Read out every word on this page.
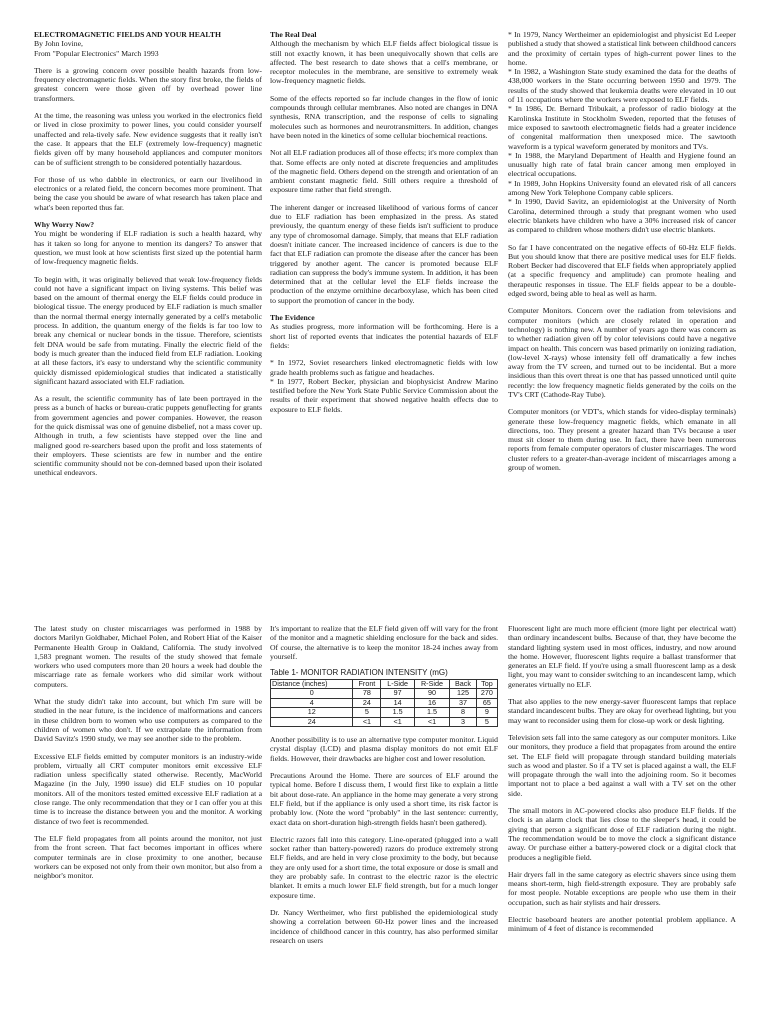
ELECTROMAGNETIC FIELDS AND YOUR HEALTH

By John Iovine,

From "Popular Electronics" March 1993

There is a growing concern over possible health hazards from low-frequency electromagnetic fields. When the story first broke, the fields of greatest concern were those given off by overhead power line transformers.

At the time, the reasoning was unless you worked in the electronics field or lived in close proximity to power lines, you could consider yourself unaffected and rela-tively safe. New evidence suggests that it really isn't the case. It appears that the ELF (extremely low-frequency) magnetic fields given off by many household appliances and computer monitors can be of sufficient strength to be considered potentially hazardous.

For those of us who dabble in electronics, or earn our livelihood in electronics or a related field, the concern becomes more prominent. That being the case you should be aware of what research has taken place and what's been reported thus far.

Why Worry Now?

You might be wondering if ELF radiation is such a health hazard, why has it taken so long for anyone to mention its dangers? To answer that question, we must look at how scientists first sized up the potential harm of low-frequency magnetic fields.

To begin with, it was originally believed that weak low-frequency fields could not have a significant impact on living systems. This belief was based on the amount of thermal energy the ELF fields could produce in biological tissue. The energy produced by ELF radiation is much smaller than the normal thermal energy internally generated by a cell's metabolic process. In addition, the quantum energy of the fields is far too low to break any chemical or nuclear bonds in the tissue. Therefore, scientists felt DNA would be safe from mutating. Finally the electric field of the body is much greater than the induced field from ELF radiation. Looking at all these factors, it's easy to understand why the scientific community quickly dismissed epidemiological studies that indicated a statistically significant hazard associated with ELF radiation.

As a result, the scientific community has of late been portrayed in the press as a bunch of hacks or bureau-cratic puppets genuflecting for grants from government agencies and power companies. However, the reason for the quick dismissal was one of genuine disbelief, not a mass cover up. Although in truth, a few scientists have stepped over the line and maligned good re-searchers based upon the profit and loss statements of their employers. These scientists are few in number and the entire scientific community should not be con-demned based upon their isolated unethical endeavors.

The Real Deal

Although the mechanism by which ELF fields affect biological tissue is still not exactly known, it has been unequivocally shown that cells are affected. The best research to date shows that a cell's membrane, or receptor molecules in the membrane, are sensitive to extremely weak low-frequency magnetic fields.

Some of the effects reported so far include changes in the flow of ionic compounds through cellular membranes. Also noted are changes in DNA synthesis, RNA transcription, and the response of cells to signaling molecules such as hormones and neurotransmitters. In addition, changes have been noted in the kinetics of some cellular biochemical reactions.

Not all ELF radiation produces all of those effects; it's more complex than that. Some effects are only noted at discrete frequencies and amplitudes of the magnetic field. Others depend on the strength and orientation of an ambient constant magnetic field. Still others require a threshold of exposure time rather that field strength.

The inherent danger or increased likelihood of various forms of cancer due to ELF radiation has been emphasized in the press. As stated previously, the quantum energy of these fields isn't sufficient to produce any type of chromosomal damage. Simply, that means that ELF radiation doesn't initiate cancer. The increased incidence of cancers is due to the fact that ELF radiation can promote the disease after the cancer has been triggered by another agent. The cancer is promoted because ELF radiation can suppress the body's immune system. In addition, it has been determined that at the cellular level the ELF fields increase the production of the enzyme ornithine decarboxylase, which has been cited to support the promotion of cancer in the body.

The Evidence

As studies progress, more information will be forthcoming. Here is a short list of reported events that indicates the potential hazards of ELF fields:

* In 1972, Soviet researchers linked electromagnetic fields with low grade health problems such as fatigue and headaches.

* In 1977, Robert Becker, physician and biophysicist Andrew Marino testified before the New York State Public Service Commission about the results of their experiment that showed negative health effects due to exposure to ELF fields.

* In 1979, Nancy Wertheimer an epidemiologist and physicist Ed Leeper published a study that showed a statistical link between childhood cancers and the proximity of certain types of high-current power lines to the home.

* In 1982, a Washington State study examined the data for the deaths of 438,000 workers in the State occurring between 1950 and 1979. The results of the study showed that leukemia deaths were elevated in 10 out of 11 occupations where the workers were exposed to ELF fields.

* In 1986, Dr. Bernard Tribukait, a professor of radio biology at the Karolinska Institute in Stockholm Sweden, reported that the fetuses of mice exposed to sawtooth electromagnetic fields had a greater incidence of congenital malformation then unexposed mice. The sawtooth waveform is a typical waveform generated by monitors and TVs.

* In 1988, the Maryland Department of Health and Hygiene found an unusually high rate of fatal brain cancer among men employed in electrical occupations.

* In 1989, John Hopkins University found an elevated risk of all cancers among New York Telephone Company cable splicers.

* In 1990, David Savitz, an epidemiologist at the University of North Carolina, determined through a study that pregnant women who used electric blankets have children who have a 30% increased risk of cancer as compared to children whose mothers didn't use electric blankets.

So far I have concentrated on the negative effects of 60-Hz ELF fields. But you should know that there are positive medical uses for ELF fields. Robert Becker had discovered that ELF fields when appropriately applied (at a specific frequency and amplitude) can promote healing and therapeutic responses in tissue. The ELF fields appear to be a double-edged sword, being able to heal as well as harm.

Computer Monitors. Concern over the radiation from televisions and computer monitors (which are closely related in operation and technology) is nothing new. A number of years ago there was concern as to whether radiation given off by color televisions could have a negative impact on health. This concern was based primarily on ionizing radiation, (low-level X-rays) whose intensity fell off dramatically a few inches away from the TV screen, and turned out to be incidental. But a more insidious than this overt threat is one that has passed unnoticed until quite recently: the low frequency magnetic fields generated by the coils on the TV's CRT (Cathode-Ray Tube).

Computer monitors (or VDT's, which stands for video-display terminals) generate these low-frequency magnetic fields, which emanate in all directions, too. They present a greater hazard than TVs because a user must sit closer to them during use. In fact, there have been numerous reports from female computer operators of cluster miscarriages. The word cluster refers to a greater-than-average incident of miscarriages among a group of women.

The latest study on cluster miscarriages was performed in 1988 by doctors Marilyn Goldhaber, Michael Polen, and Robert Hiat of the Kaiser Permanente Health Group in Oakland, California. The study involved 1,583 pregnant women. The results of the study showed that female workers who used computers more than 20 hours a week had double the miscarriage rate as female workers who did similar work without computers.

What the study didn't take into account, but which I'm sure will be studied in the near future, is the incidence of malformations and cancers in these children born to women who use computers as compared to the children of women who don't. If we extrapolate the information from David Savitz's 1990 study, we may see another side to the problem.

Excessive ELF fields emitted by computer monitors is an industry-wide problem, virtually all CRT computer monitors emit excessive ELF radiation unless specifically stated otherwise. Recently, MacWorld Magazine (in the July, 1990 issue) did ELF studies on 10 popular monitors. All of the monitors tested emitted excessive ELF radiation at a close range. The only recommendation that they or I can offer you at this time is to increase the distance between you and the monitor. A working distance of two feet is recommended.

The ELF field propagates from all points around the monitor, not just from the front screen. That fact becomes important in offices where computer terminals are in close proximity to one another, because workers can be exposed not only from their own monitor, but also from a neighbor's monitor.

It's important to realize that the ELF field given off will vary for the front of the monitor and a magnetic shielding enclosure for the back and sides. Of course, the alternative is to keep the monitor 18-24 inches away from yourself.

Table 1- MONITOR RADIATION INTENSITY (mG)
Distance (inches)	Front	L-Side	R-Side	Back	Top
0	78	97	90	125	270
4	24	14	16	37	65
12	5	1.5	1.5	8	9
24	<1	<1	<1	3	5

Another possibility is to use an alternative type computer monitor. Liquid crystal display (LCD) and plasma display monitors do not emit ELF fields. However, their drawbacks are higher cost and lower resolution.

Precautions Around the Home. There are sources of ELF around the typical home. Before I discuss them, I would first like to explain a little bit about dose-rate. An appliance in the home may generate a very strong ELF field, but if the appliance is only used a short time, its risk factor is probably low. (Note the word "probably" in the last sentence: currently, exact data on short-duration high-strength fields hasn't been gathered).

Electric razors fall into this category. Line-operated (plugged into a wall socket rather than battery-powered) razors do produce extremely strong ELF fields, and are held in very close proximity to the body, but because they are only used for a short time, the total exposure or dose is small and they are probably safe. In contrast to the electric razor is the electric blanket. It emits a much lower ELF field strength, but for a much longer exposure time.

Dr. Nancy Wertheimer, who first published the epidemiological study showing a correlation between 60-Hz power lines and the increased incidence of childhood cancer in this country, has also performed similar research on users

Fluorescent light are much more efficient (more light per electrical watt) than ordinary incandescent bulbs. Because of that, they have become the standard lighting system used in most offices, industry, and now around the home. However, fluorescent lights require a ballast transformer that generates an ELF field. If you're using a small fluorescent lamp as a desk light, you may want to consider switching to an incandescent lamp, which generates virtually no ELF.

That also applies to the new energy-saver fluorescent lamps that replace standard incandescent bulbs. They are okay for overhead lighting, but you may want to reconsider using them for close-up work or desk lighting.

Television sets fall into the same category as our computer monitors. Like our monitors, they produce a field that propagates from around the entire set. The ELF field will propagate through standard building materials such as wood and plaster. So if a TV set is placed against a wall, the ELF will propagate through the wall into the adjoining room. So it becomes important not to place a bed against a wall with a TV set on the other side.

The small motors in AC-powered clocks also produce ELF fields. If the clock is an alarm clock that lies close to the sleeper's head, it could be giving that person a significant dose of ELF radiation during the night. The recommendation would be to move the clock a significant distance away. Or purchase either a battery-powered clock or a digital clock that produces a negligible field.

Hair dryers fall in the same category as electric shavers since using them means short-term, high field-strength exposure. They are probably safe for most people. Notable exceptions are people who use them in their occupation, such as hair stylists and hair dressers.

Electric baseboard heaters are another potential problem appliance. A minimum of 4 feet of distance is recommended
